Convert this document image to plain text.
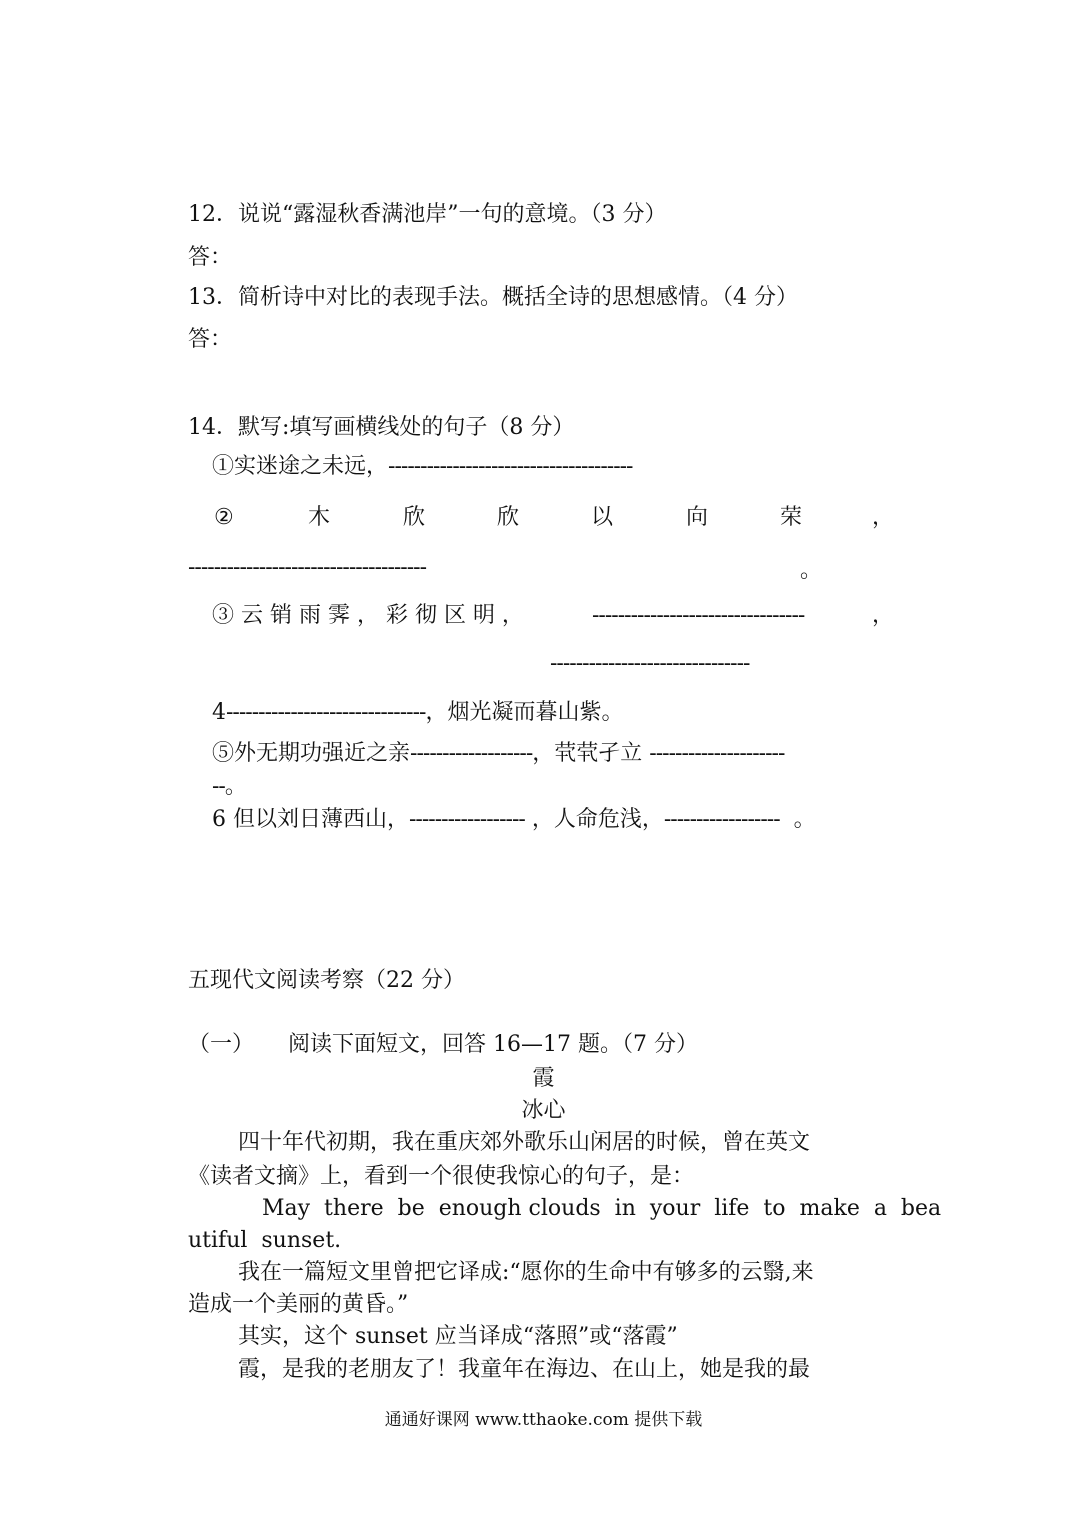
12．说说“露湿秋香满池岸”一句的意境。（3 分）
答：
13．简析诗中对比的表现手法。概括全诗的思想感情。（4 分）
答：
14．默写:填写画横线处的句子（8 分）
①实迷途之未远，--------------------------------------
②	木	欣	欣	以	向	荣	，
-------------------------------------	。
③ 云 销 雨 霁 ， 彩 彻 区 明 ，	---------------------------------	，
-------------------------------
4-------------------------------，烟光凝而暮山紫。
⑤外无期功强近之亲-------------------，茕茕孑立 ---------------------
--。
6 但以刘日薄西山，------------------ ，人命危浅，------------------ 。
五现代文阅读考察（22 分）
（一） 阅读下面短文，回答 16—17 题。（7 分）
霞
冰心
四十年代初期，我在重庆郊外歌乐山闲居的时候，曾在英文
《读者文摘》上，看到一个很使我惊心的句子，是：
May  there  be  enough clouds  in  your  life  to  make  a  bea
utiful  sunset.
我在一篇短文里曾把它译成:“愿你的生命中有够多的云翳,来
造成一个美丽的黄昏。”
其实，这个 sunset 应当译成“落照”或“落霞”
霞，是我的老朋友了！我童年在海边、在山上，她是我的最
通通好课网 www.tthaoke.com 提供下载
